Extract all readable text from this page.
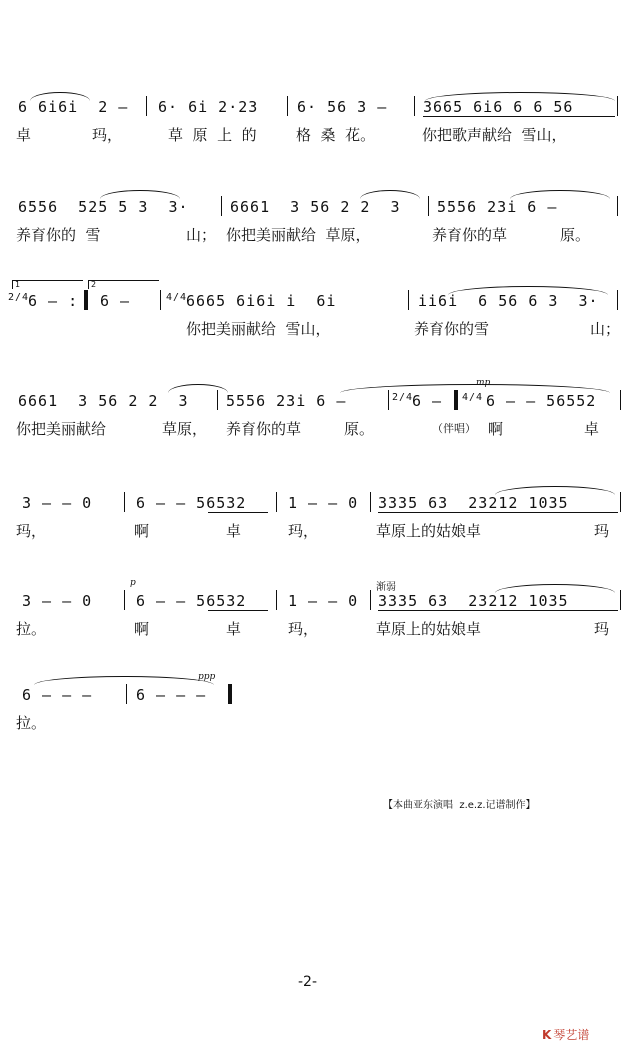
6 6i6i  2 —

6· 6i 2·23

	6· 56 3 —

3665 6i6 6 6 56

卓

	玛，

	草  原  上  的

	格  桑  花。

	你把歌声献给  雪山，

6556  525 5 3  3·

	6661  3 56 2 2  3

5556 23i 6 —

养育你的  雪

	山；

你把美丽献给  草原，

	养育你的草

	原。

1	2

2/4

6 — :

6 —

	4/4

6665 6i6i i  6i

	ii6i  6 56 6 3  3·

你把美丽献给  雪山，

	养育你的雪

	山；

mp

6661  3 56 2 2  3

5556 23i 6 —

	2/4

6 —

4/4

6 — — 56552

你把美丽献给

	草原，

养育你的草

	原。

	（伴唱）

啊

	卓

3 — — 0

	6 — — 56532

	1 — — 0

3335 63  23212 1035

玛，

	啊

	卓

	玛，

	草原上的姑娘卓

	玛

p	渐弱

3 — — 0

	6 — — 56532

	1 — — 0

3335 63  23212 1035

拉。

	啊

	卓

	玛，

	草原上的姑娘卓

	玛

ppp

6 — — —

	6 — — —

拉。

【本曲亚东演唱  z.e.z.记谱制作】
-2-
K 琴艺谱
